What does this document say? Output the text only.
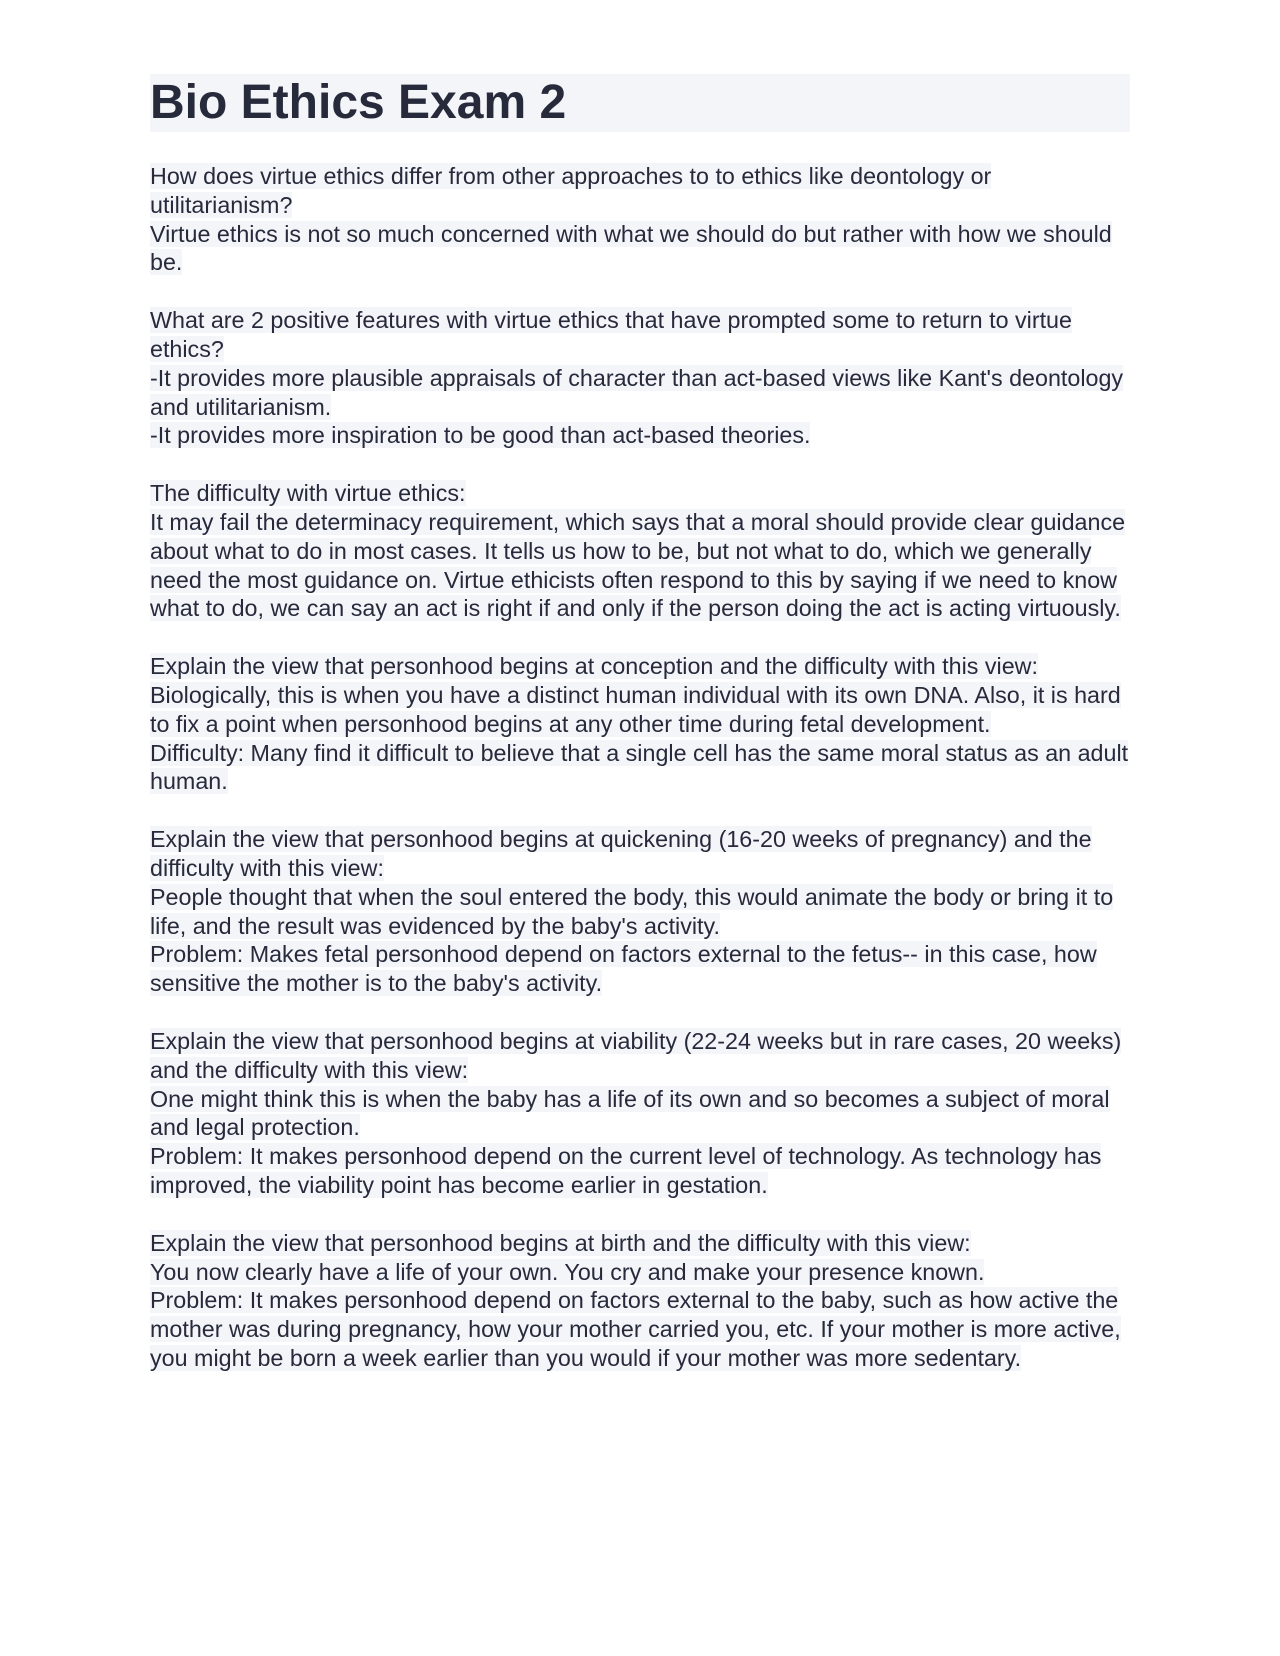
Bio Ethics Exam 2

How does virtue ethics differ from other approaches to to ethics like deontology or utilitarianism?

Virtue ethics is not so much concerned with what we should do but rather with how we should be.

What are 2 positive features with virtue ethics that have prompted some to return to virtue ethics?

-It provides more plausible appraisals of character than act-based views like Kant's deontology and utilitarianism.

-It provides more inspiration to be good than act-based theories.

The difficulty with virtue ethics:

It may fail the determinacy requirement, which says that a moral should provide clear guidance about what to do in most cases. It tells us how to be, but not what to do, which we generally need the most guidance on. Virtue ethicists often respond to this by saying if we need to know what to do, we can say an act is right if and only if the person doing the act is acting virtuously.

Explain the view that personhood begins at conception and the difficulty with this view:

Biologically, this is when you have a distinct human individual with its own DNA. Also, it is hard to fix a point when personhood begins at any other time during fetal development.

Difficulty: Many find it difficult to believe that a single cell has the same moral status as an adult human.

Explain the view that personhood begins at quickening (16-20 weeks of pregnancy) and the difficulty with this view:

People thought that when the soul entered the body, this would animate the body or bring it to life, and the result was evidenced by the baby's activity.

Problem: Makes fetal personhood depend on factors external to the fetus-- in this case, how sensitive the mother is to the baby's activity.

Explain the view that personhood begins at viability (22-24 weeks but in rare cases, 20 weeks) and the difficulty with this view:

One might think this is when the baby has a life of its own and so becomes a subject of moral and legal protection.

Problem: It makes personhood depend on the current level of technology. As technology has improved, the viability point has become earlier in gestation.

Explain the view that personhood begins at birth and the difficulty with this view:

You now clearly have a life of your own. You cry and make your presence known.

Problem: It makes personhood depend on factors external to the baby, such as how active the mother was during pregnancy, how your mother carried you, etc. If your mother is more active, you might be born a week earlier than you would if your mother was more sedentary.
